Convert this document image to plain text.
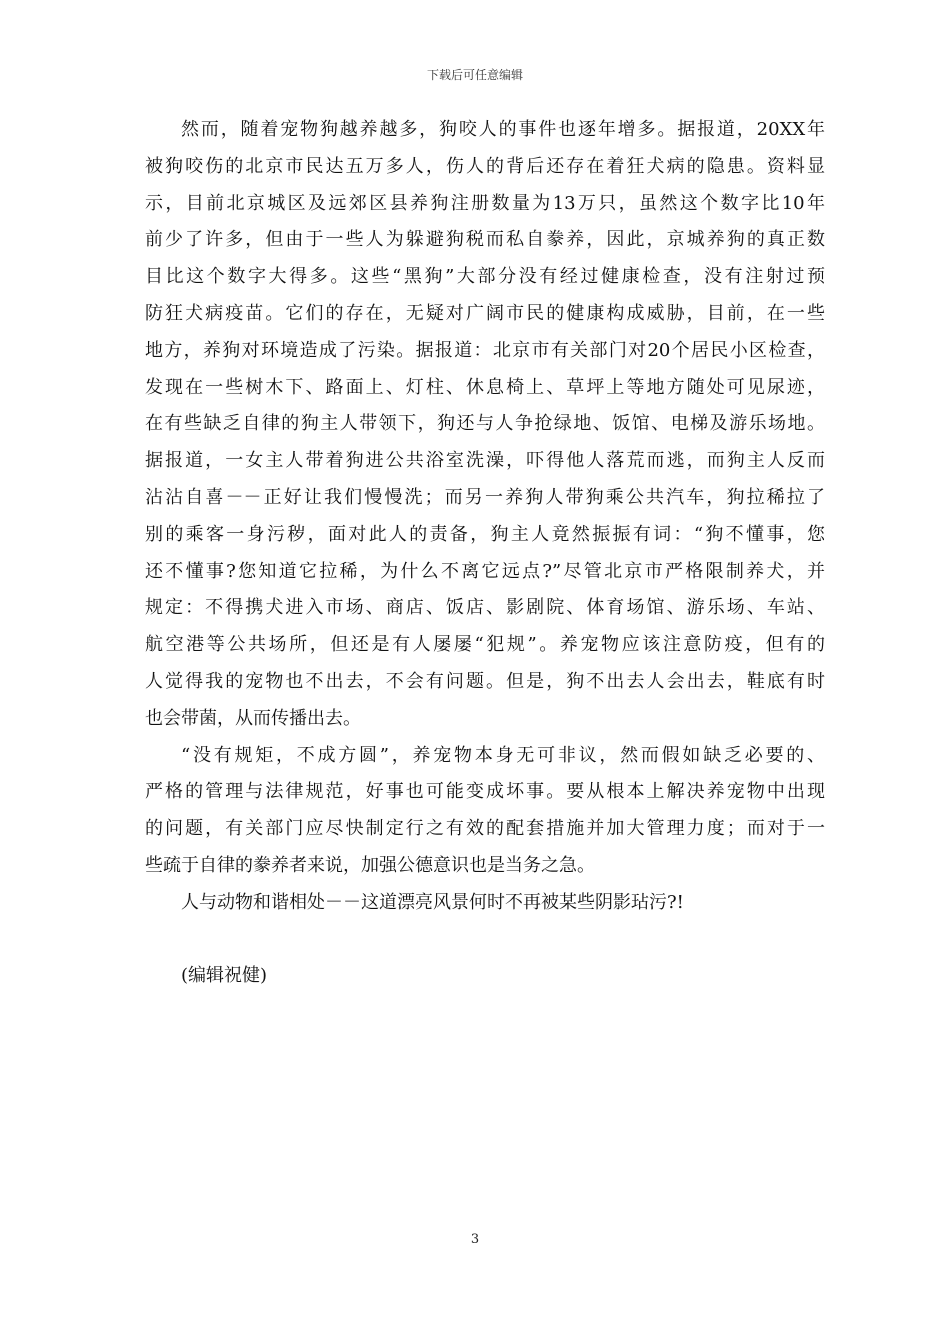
下载后可任意编辑
然而，随着宠物狗越养越多，狗咬人的事件也逐年增多。据报道，20XX年
被狗咬伤的北京市民达五万多人，伤人的背后还存在着狂犬病的隐患。资料显
示，目前北京城区及远郊区县养狗注册数量为13万只，虽然这个数字比10年
前少了许多，但由于一些人为躲避狗税而私自豢养，因此，京城养狗的真正数
目比这个数字大得多。这些“黑狗”大部分没有经过健康检查，没有注射过预
防狂犬病疫苗。它们的存在，无疑对广阔市民的健康构成威胁，目前，在一些
地方，养狗对环境造成了污染。据报道：北京市有关部门对20个居民小区检查，
发现在一些树木下、路面上、灯柱、休息椅上、草坪上等地方随处可见尿迹，
在有些缺乏自律的狗主人带领下，狗还与人争抢绿地、饭馆、电梯及游乐场地。
据报道，一女主人带着狗进公共浴室洗澡，吓得他人落荒而逃，而狗主人反而
沾沾自喜－－正好让我们慢慢洗；而另一养狗人带狗乘公共汽车，狗拉稀拉了
别的乘客一身污秽，面对此人的责备，狗主人竟然振振有词：“狗不懂事，您
还不懂事?您知道它拉稀，为什么不离它远点?”尽管北京市严格限制养犬，并
规定：不得携犬进入市场、商店、饭店、影剧院、体育场馆、游乐场、车站、
航空港等公共场所，但还是有人屡屡“犯规”。养宠物应该注意防疫，但有的
人觉得我的宠物也不出去，不会有问题。但是，狗不出去人会出去，鞋底有时
也会带菌，从而传播出去。
“没有规矩，不成方圆”，养宠物本身无可非议，然而假如缺乏必要的、
严格的管理与法律规范，好事也可能变成坏事。要从根本上解决养宠物中出现
的问题，有关部门应尽快制定行之有效的配套措施并加大管理力度；而对于一
些疏于自律的豢养者来说，加强公德意识也是当务之急。
人与动物和谐相处－－这道漂亮风景何时不再被某些阴影玷污?!
(编辑祝健)
3
